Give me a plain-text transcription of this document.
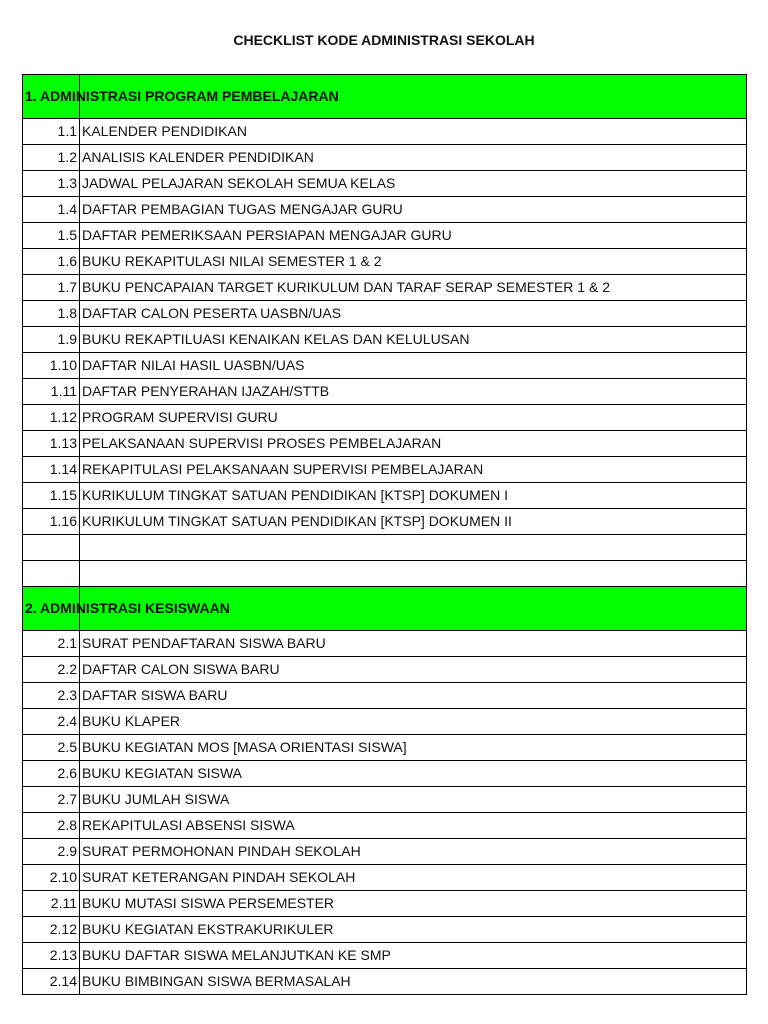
CHECKLIST KODE ADMINISTRASI SEKOLAH
1. ADMINISTRASI PROGRAM PEMBELAJARAN
1.1 KALENDER PENDIDIKAN
1.2 ANALISIS KALENDER PENDIDIKAN
1.3 JADWAL PELAJARAN SEKOLAH SEMUA KELAS
1.4 DAFTAR PEMBAGIAN TUGAS MENGAJAR GURU
1.5 DAFTAR PEMERIKSAAN PERSIAPAN MENGAJAR GURU
1.6 BUKU REKAPITULASI NILAI SEMESTER 1 & 2
1.7 BUKU PENCAPAIAN TARGET KURIKULUM DAN TARAF SERAP SEMESTER 1 & 2
1.8 DAFTAR CALON PESERTA UASBN/UAS
1.9 BUKU REKAPTILUASI KENAIKAN KELAS DAN KELULUSAN
1.10 DAFTAR NILAI HASIL UASBN/UAS
1.11 DAFTAR PENYERAHAN IJAZAH/STTB
1.12 PROGRAM SUPERVISI GURU
1.13 PELAKSANAAN SUPERVISI PROSES PEMBELAJARAN
1.14 REKAPITULASI PELAKSANAAN SUPERVISI PEMBELAJARAN
1.15 KURIKULUM TINGKAT SATUAN PENDIDIKAN [KTSP] DOKUMEN I
1.16 KURIKULUM TINGKAT SATUAN PENDIDIKAN [KTSP] DOKUMEN II
2. ADMINISTRASI KESISWAAN
2.1 SURAT PENDAFTARAN SISWA BARU
2.2 DAFTAR CALON SISWA BARU
2.3 DAFTAR SISWA BARU
2.4 BUKU KLAPER
2.5 BUKU KEGIATAN MOS [MASA ORIENTASI SISWA]
2.6 BUKU KEGIATAN SISWA
2.7 BUKU JUMLAH SISWA
2.8 REKAPITULASI ABSENSI SISWA
2.9 SURAT PERMOHONAN PINDAH SEKOLAH
2.10 SURAT KETERANGAN PINDAH SEKOLAH
2.11 BUKU MUTASI SISWA PERSEMESTER
2.12 BUKU KEGIATAN EKSTRAKURIKULER
2.13 BUKU DAFTAR SISWA MELANJUTKAN KE SMP
2.14 BUKU BIMBINGAN SISWA BERMASALAH
